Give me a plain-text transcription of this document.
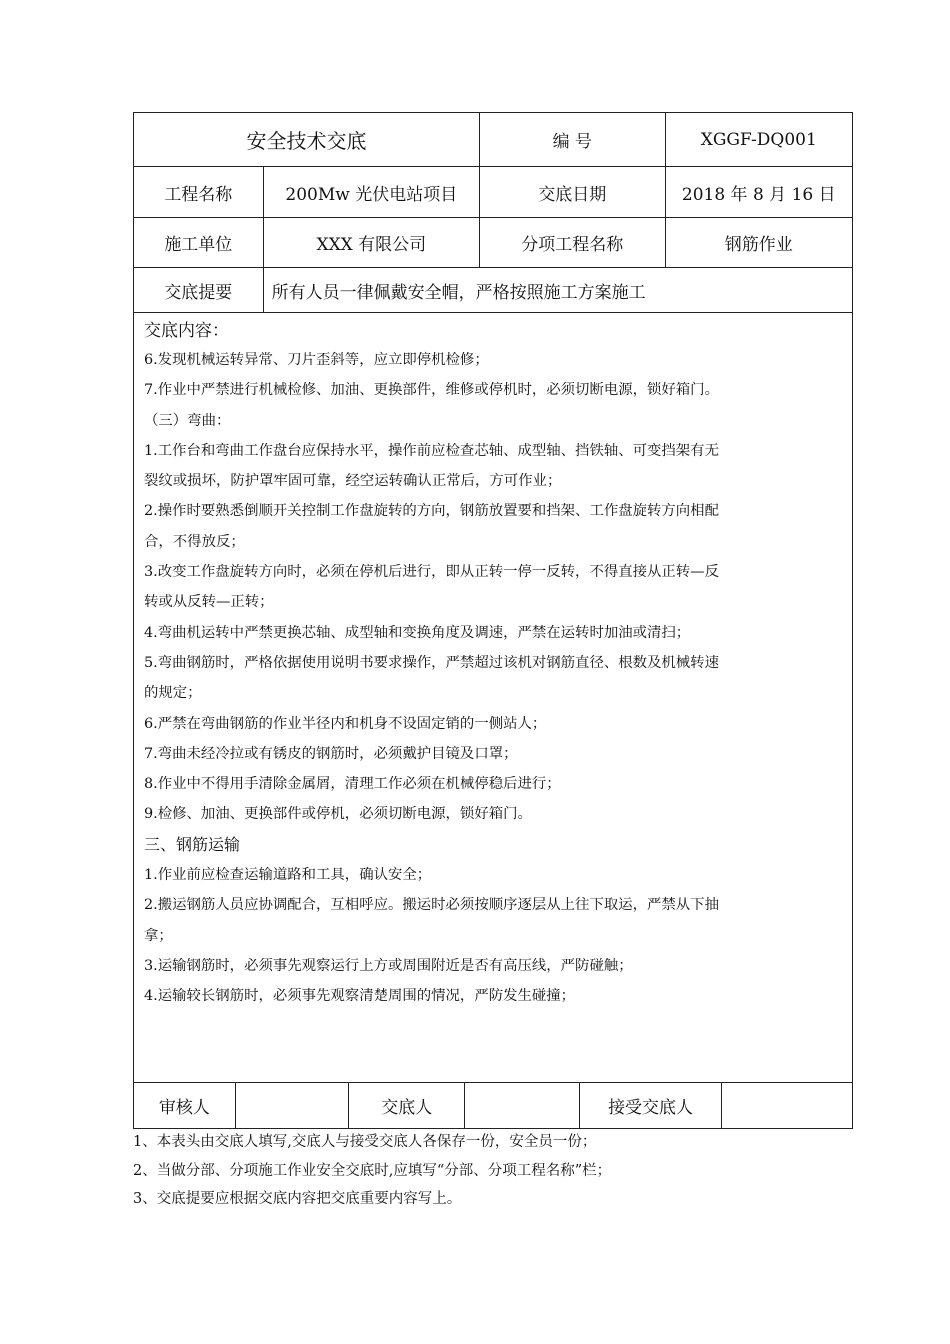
安全技术交底	编 号	XGGF-DQ001
工程名称	200Mw 光伏电站项目	交底日期	2018 年 8 月 16 日
施工单位	XXX 有限公司	分项工程名称	钢筋作业
交底提要	所有人员一律佩戴安全帽，严格按照施工方案施工
交底内容：
6.发现机械运转异常、刀片歪斜等，应立即停机检修；
7.作业中严禁进行机械检修、加油、更换部件，维修或停机时，必须切断电源，锁好箱门。
（三）弯曲：
1.工作台和弯曲工作盘台应保持水平，操作前应检查芯轴、成型轴、挡铁轴、可变挡架有无
裂纹或损坏，防护罩牢固可靠，经空运转确认正常后，方可作业；
2.操作时要熟悉倒顺开关控制工作盘旋转的方向，钢筋放置要和挡架、工作盘旋转方向相配
合，不得放反；
3.改变工作盘旋转方向时，必须在停机后进行，即从正转一停一反转，不得直接从正转—反
转或从反转—正转；
4.弯曲机运转中严禁更换芯轴、成型轴和变换角度及调速，严禁在运转时加油或清扫；
5.弯曲钢筋时，严格依据使用说明书要求操作，严禁超过该机对钢筋直径、根数及机械转速
的规定；
6.严禁在弯曲钢筋的作业半径内和机身不设固定销的一侧站人；
7.弯曲未经冷拉或有锈皮的钢筋时，必须戴护目镜及口罩；
8.作业中不得用手清除金属屑，清理工作必须在机械停稳后进行；
9.检修、加油、更换部件或停机，必须切断电源，锁好箱门。
三、钢筋运输
1.作业前应检查运输道路和工具，确认安全；
2.搬运钢筋人员应协调配合，互相呼应。搬运时必须按顺序逐层从上往下取运，严禁从下抽
拿；
3.运输钢筋时，必须事先观察运行上方或周围附近是否有高压线，严防碰触；
4.运输较长钢筋时，必须事先观察清楚周围的情况，严防发生碰撞；
审核人	交底人	接受交底人
1、本表头由交底人填写,交底人与接受交底人各保存一份，安全员一份；
2、当做分部、分项施工作业安全交底时,应填写“分部、分项工程名称”栏；
3、交底提要应根据交底内容把交底重要内容写上。
